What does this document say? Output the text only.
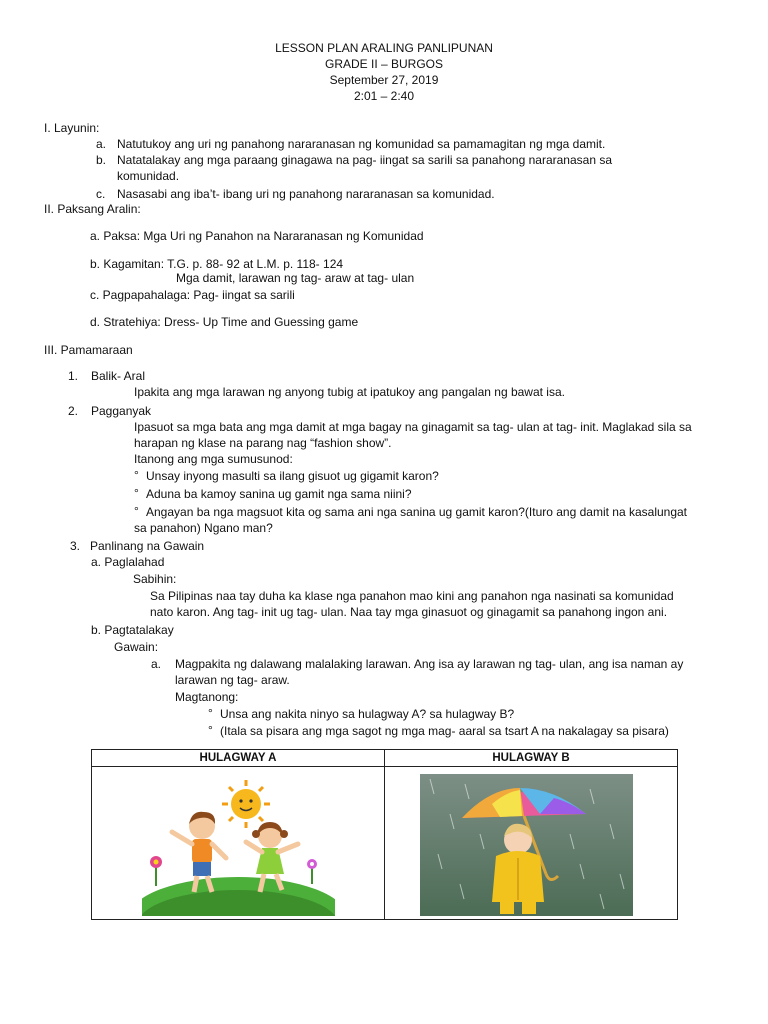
LESSON PLAN ARALING PANLIPUNAN
GRADE II – BURGOS
September 27, 2019
2:01 – 2:40
I. Layunin:
a. Natutukoy ang uri ng panahong nararanasan ng komunidad sa pamamagitan ng mga damit.
b. Natatalakay ang mga paraang ginagawa na pag- iingat sa sarili sa panahong nararanasan sa
komunidad.
c. Nasasabi ang iba’t- ibang uri ng panahong nararanasan sa komunidad.
II. Paksang Aralin:
a. Paksa: Mga Uri ng Panahon na Nararanasan ng Komunidad
b. Kagamitan: T.G. p. 88- 92 at L.M. p. 118- 124
Mga damit, larawan ng tag- araw at tag- ulan
c. Pagpapahalaga: Pag- iingat sa sarili
d. Stratehiya: Dress- Up Time and Guessing game
III. Pamamaraan
1. Balik- Aral
Ipakita ang mga larawan ng anyong tubig at ipatukoy ang pangalan ng bawat isa.
2. Pagganyak
Ipasuot sa mga bata ang mga damit at mga bagay na ginagamit sa tag- ulan at tag- init. Maglakad sila sa
harapan ng klase na parang nag “fashion show”.
Itanong ang mga sumusunod:
° Unsay inyong masulti sa ilang gisuot ug gigamit karon?
° Aduna ba kamoy sanina ug gamit nga sama niini?
° Angayan ba nga magsuot kita og sama ani nga sanina ug gamit karon?(Ituro ang damit na kasalungat
sa panahon) Ngano man?
3. Panlinang na Gawain
a. Paglalahad
Sabihin:
Sa Pilipinas naa tay duha ka klase nga panahon mao kini ang panahon nga nasinati sa komunidad
nato karon. Ang tag- init ug tag- ulan. Naa tay mga ginasuot og ginagamit sa panahong ingon ani.
b. Pagtatalakay
Gawain:
a. Magpakita ng dalawang malalaking larawan. Ang isa ay larawan ng tag- ulan, ang isa naman ay
larawan ng tag- araw.
Magtanong:
° Unsa ang nakita ninyo sa hulagway A? sa hulagway B?
° (Itala sa pisara ang mga sagot ng mga mag- aaral sa tsart A na nakalagay sa pisara)
HULAGWAY A	HULAGWAY B
